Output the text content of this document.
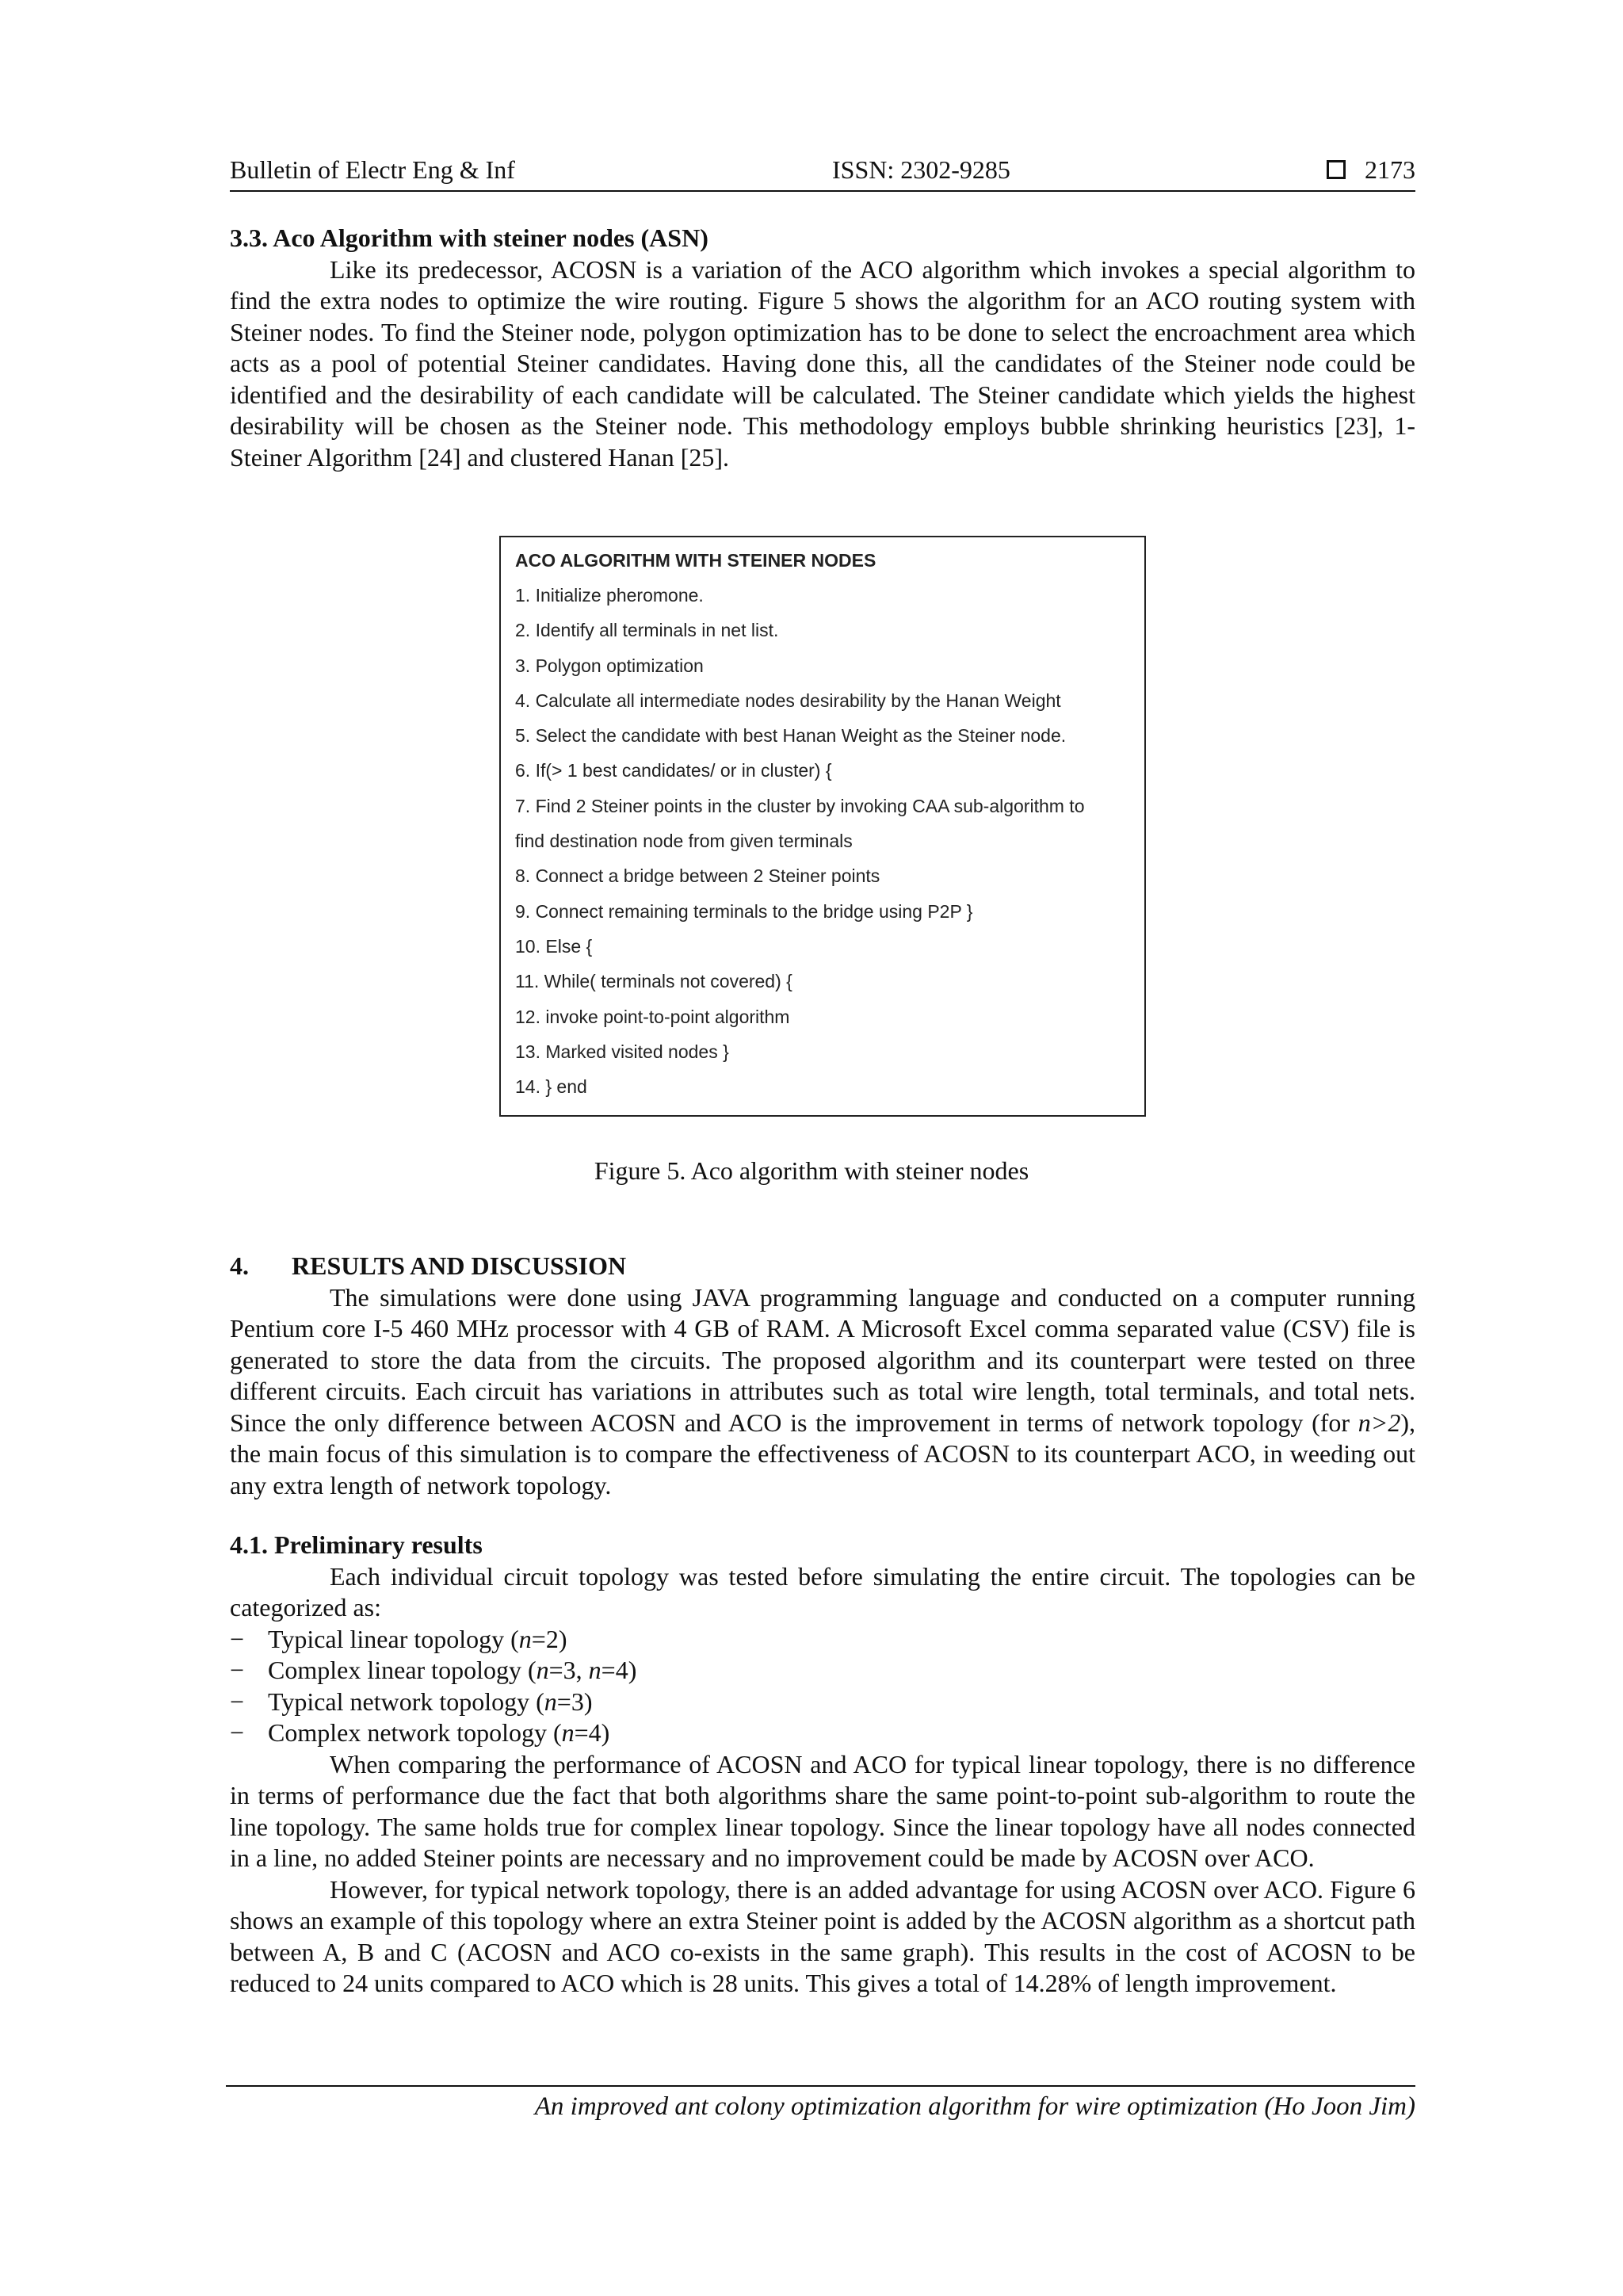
Bulletin of Electr Eng & Inf	ISSN: 2302-9285	2173

3.3. Aco Algorithm with steiner nodes (ASN)

Like its predecessor, ACOSN is a variation of the ACO algorithm which invokes a special algorithm to find the extra nodes to optimize the wire routing. Figure 5 shows the algorithm for an ACO routing system with Steiner nodes. To find the Steiner node, polygon optimization has to be done to select the encroachment area which acts as a pool of potential Steiner candidates. Having done this, all the candidates of the Steiner node could be identified and the desirability of each candidate will be calculated. The Steiner candidate which yields the highest desirability will be chosen as the Steiner node. This methodology employs bubble shrinking heuristics [23], 1-Steiner Algorithm [24] and clustered Hanan [25].

ACO ALGORITHM WITH STEINER NODES

1. Initialize pheromone.

2. Identify all terminals in net list.

3. Polygon optimization

4. Calculate all intermediate nodes desirability by the Hanan Weight

5. Select the candidate with best Hanan Weight as the Steiner node.

6. If(> 1 best candidates/ or in cluster) {

7. Find 2 Steiner points in the cluster by invoking CAA sub-algorithm to

find destination node from given terminals

8. Connect a bridge between 2 Steiner points

9. Connect remaining terminals to the bridge using P2P }

10. Else {

11. While( terminals not covered) {

12. invoke point-to-point algorithm

13. Marked visited nodes }

14. } end

Figure 5. Aco algorithm with steiner nodes

4. RESULTS AND DISCUSSION

The simulations were done using JAVA programming language and conducted on a computer running Pentium core I-5 460 MHz processor with 4 GB of RAM. A Microsoft Excel comma separated value (CSV) file is generated to store the data from the circuits. The proposed algorithm and its counterpart were tested on three different circuits. Each circuit has variations in attributes such as total wire length, total terminals, and total nets. Since the only difference between ACOSN and ACO is the improvement in terms of network topology (for n>2), the main focus of this simulation is to compare the effectiveness of ACOSN to its counterpart ACO, in weeding out any extra length of network topology.

4.1. Preliminary results

Each individual circuit topology was tested before simulating the entire circuit. The topologies can be categorized as:

− Typical linear topology (n=2)
− Complex linear topology (n=3, n=4)
− Typical network topology (n=3)
− Complex network topology (n=4)

When comparing the performance of ACOSN and ACO for typical linear topology, there is no difference in terms of performance due the fact that both algorithms share the same point-to-point sub-algorithm to route the line topology. The same holds true for complex linear topology. Since the linear topology have all nodes connected in a line, no added Steiner points are necessary and no improvement could be made by ACOSN over ACO.

However, for typical network topology, there is an added advantage for using ACOSN over ACO. Figure 6 shows an example of this topology where an extra Steiner point is added by the ACOSN algorithm as a shortcut path between A, B and C (ACOSN and ACO co-exists in the same graph). This results in the cost of ACOSN to be reduced to 24 units compared to ACO which is 28 units. This gives a total of 14.28% of length improvement.

An improved ant colony optimization algorithm for wire optimization (Ho Joon Jim)
